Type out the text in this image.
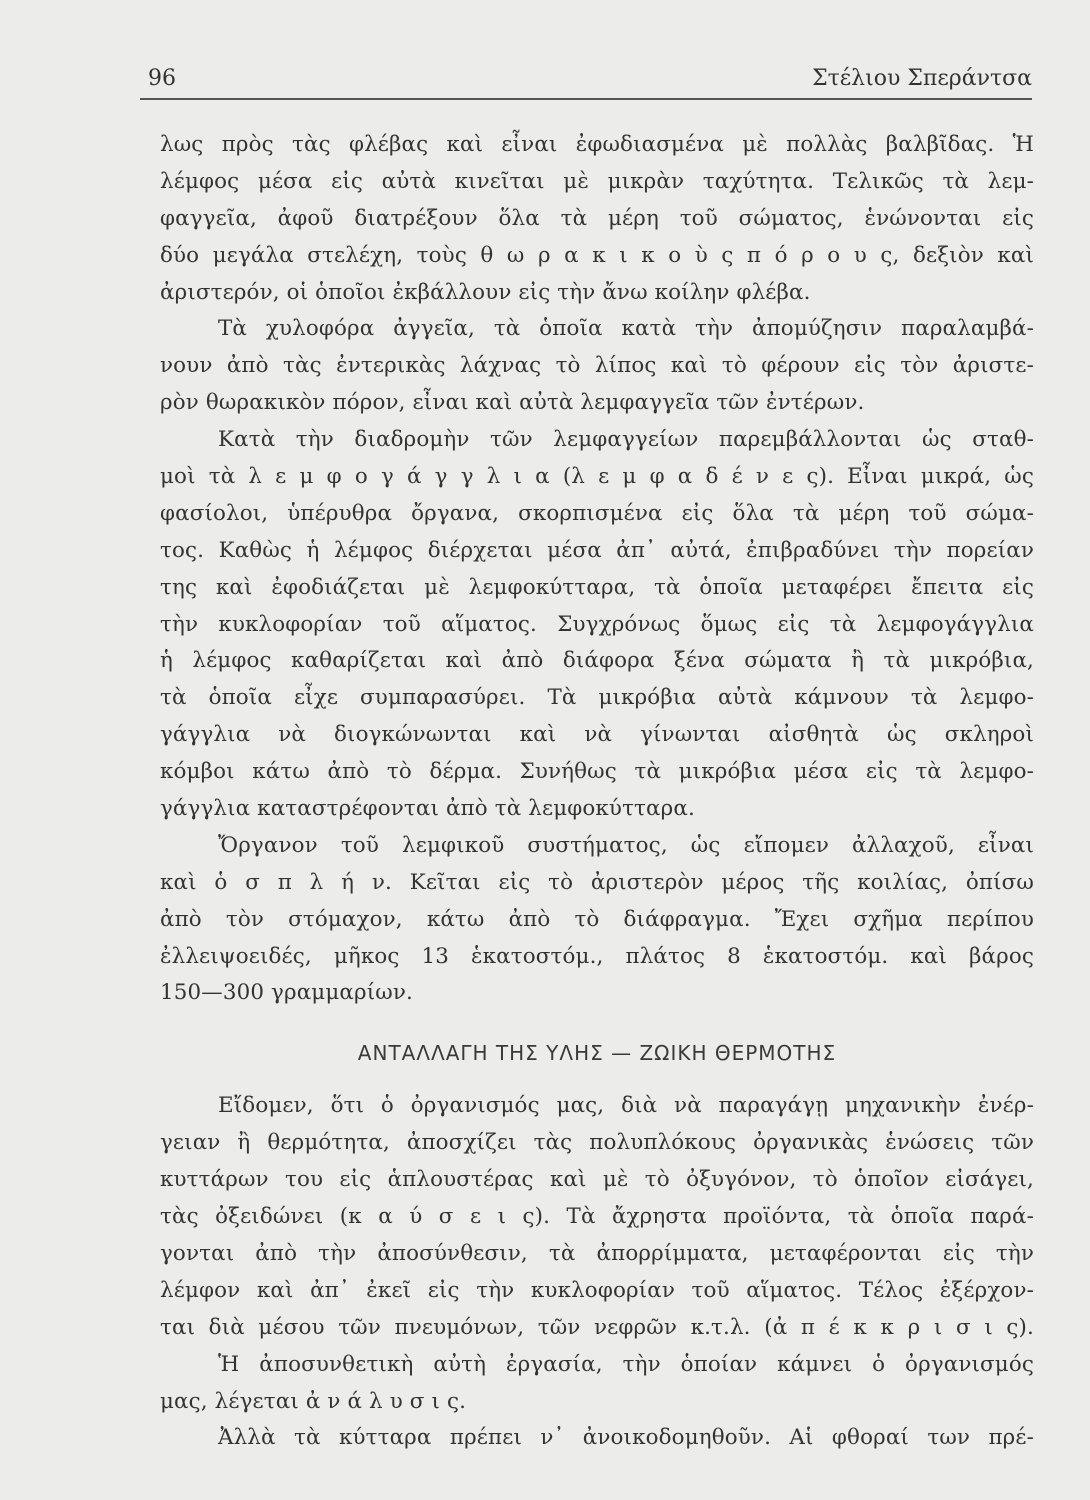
96	Στέλιου Σπεράντσα
λως πρὸς τὰς φλέβας καὶ εἶναι ἐφωδιασμένα μὲ πολλὰς βαλβῖδας. Ἡ
λέμφος μέσα εἰς αὐτὰ κινεῖται μὲ μικρὰν ταχύτητα. Τελικῶς τὰ λεμ-
φαγγεῖα, ἀφοῦ διατρέξουν ὅλα τὰ μέρη τοῦ σώματος, ἑνώνονται εἰς
δύο μεγάλα στελέχη, τοὺς θ ω ρ α κ ι κ ο ὺ ς π ό ρ ο υ ς, δεξιὸν καὶ
ἀριστερόν, οἱ ὁποῖοι ἐκβάλλουν εἰς τὴν ἄνω κοίλην φλέβα.
Τὰ χυλοφόρα ἀγγεῖα, τὰ ὁποῖα κατὰ τὴν ἀπομύζησιν παραλαμβά-
νουν ἀπὸ τὰς ἐντερικὰς λάχνας τὸ λίπος καὶ τὸ φέρουν εἰς τὸν ἀριστε-
ρὸν θωρακικὸν πόρον, εἶναι καὶ αὐτὰ λεμφαγγεῖα τῶν ἐντέρων.
Κατὰ τὴν διαδρομὴν τῶν λεμφαγγείων παρεμβάλλονται ὡς σταθ-
μοὶ τὰ λ ε μ φ ο γ ά γ γ λ ι α (λ ε μ φ α δ έ ν ε ς). Εἶναι μικρά, ὡς
φασίολοι, ὑπέρυθρα ὄργανα, σκορπισμένα εἰς ὅλα τὰ μέρη τοῦ σώμα-
τος. Καθὼς ἡ λέμφος διέρχεται μέσα ἀπ᾿ αὐτά, ἐπιβραδύνει τὴν πορείαν
της καὶ ἐφοδιάζεται μὲ λεμφοκύτταρα, τὰ ὁποῖα μεταφέρει ἔπειτα εἰς
τὴν κυκλοφορίαν τοῦ αἵματος. Συγχρόνως ὅμως εἰς τὰ λεμφογάγγλια
ἡ λέμφος καθαρίζεται καὶ ἀπὸ διάφορα ξένα σώματα ἢ τὰ μικρόβια,
τὰ ὁποῖα εἶχε συμπαρασύρει. Τὰ μικρόβια αὐτὰ κάμνουν τὰ λεμφο-
γάγγλια νὰ διογκώνωνται καὶ νὰ γίνωνται αἰσθητὰ ὡς σκληροὶ
κόμβοι κάτω ἀπὸ τὸ δέρμα. Συνήθως τὰ μικρόβια μέσα εἰς τὰ λεμφο-
γάγγλια καταστρέφονται ἀπὸ τὰ λεμφοκύτταρα.
Ὄργανον τοῦ λεμφικοῦ συστήματος, ὡς εἴπομεν ἀλλαχοῦ, εἶναι
καὶ ὁ σ π λ ή ν. Κεῖται εἰς τὸ ἀριστερὸν μέρος τῆς κοιλίας, ὀπίσω
ἀπὸ τὸν στόμαχον, κάτω ἀπὸ τὸ διάφραγμα. Ἔχει σχῆμα περίπου
ἐλλειψοειδές, μῆκος 13 ἑκατοστόμ., πλάτος 8 ἑκατοστόμ. καὶ βάρος
150—300 γραμμαρίων.
ΑΝΤΑΛΛΑΓΗ ΤΗΣ ΥΛΗΣ — ΖΩΙΚΗ ΘΕΡΜΟΤΗΣ
Εἴδομεν, ὅτι ὁ ὀργανισμός μας, διὰ νὰ παραγάγῃ μηχανικὴν ἐνέρ-
γειαν ἢ θερμότητα, ἀποσχίζει τὰς πολυπλόκους ὀργανικὰς ἑνώσεις τῶν
κυττάρων του εἰς ἁπλουστέρας καὶ μὲ τὸ ὀξυγόνον, τὸ ὁποῖον εἰσάγει,
τὰς ὀξειδώνει (κ α ύ σ ε ι ς). Τὰ ἄχρηστα προϊόντα, τὰ ὁποῖα παρά-
γονται ἀπὸ τὴν ἀποσύνθεσιν, τὰ ἀπορρίμματα, μεταφέρονται εἰς τὴν
λέμφον καὶ ἀπ᾿ ἐκεῖ εἰς τὴν κυκλοφορίαν τοῦ αἵματος. Τέλος ἐξέρχον-
ται διὰ μέσου τῶν πνευμόνων, τῶν νεφρῶν κ.τ.λ. (ἀ π έ κ κ ρ ι σ ι ς).
Ἡ ἀποσυνθετικὴ αὐτὴ ἐργασία, τὴν ὁποίαν κάμνει ὁ ὀργανισμός
μας, λέγεται ἀ ν ά λ υ σ ι ς.
Ἀλλὰ τὰ κύτταρα πρέπει ν᾿ ἀνοικοδομηθοῦν. Αἱ φθοραί των πρέ-
